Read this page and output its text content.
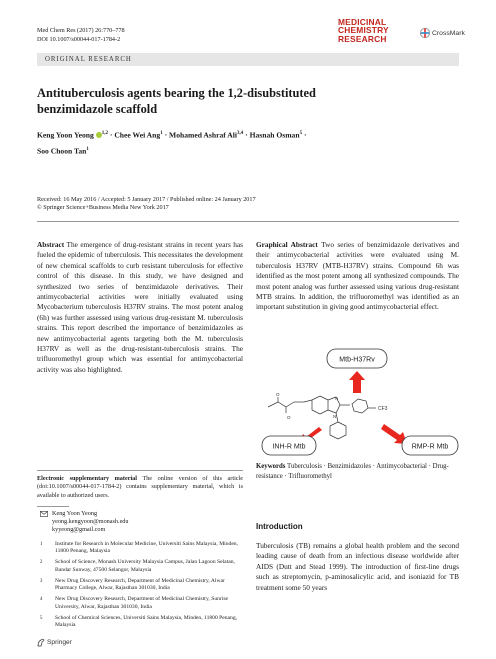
Med Chem Res (2017) 26:770–778
DOI 10.1007/s00044-017-1784-2
MEDICINAL
CHEMISTRY
RESEARCH
CrossMark
ORIGINAL RESEARCH
Antituberculosis agents bearing the 1,2-disubstituted benzimidazole scaffold
Keng Yoon Yeong $^{1,2}$ · Chee Wei Ang$^1$ · Mohamed Ashraf Ali$^{3,4}$ · Hasnah Osman$^5$ ·
Soo Choon Tan$^1$
Received: 16 May 2016 / Accepted: 5 January 2017 / Published online: 24 January 2017
© Springer Science+Business Media New York 2017
Abstract The emergence of drug-resistant strains in recent years has fueled the epidemic of tuberculosis. This necessitates the development of new chemical scaffolds to curb resistant tuberculosis for effective control of this disease. In this study, we have designed and synthesized two series of benzimidazole derivatives. Their antimycobacterial activities were initially evaluated using Mycobacterium tuberculosis H37RV strains. The most potent analog (6h) was further assessed using various drug-resistant M. tuberculosis strains. This report described the importance of benzimidazoles as new antimycobacterial agents targeting both the M. tuberculosis H37RV as well as the drug-resistant-tuberculosis strains. The trifluoromethyl group which was essential for antimycobacterial activity was also highlighted.
Graphical Abstract Two series of benzimidazole derivatives and their antimycobacterial activities were evaluated using M. tuberculosis H37RV (MTB-H37RV) strains. Compound 6h was identified as the most potent among all synthesized compounds. The most potent analog was further assessed using various drug-resistant MTB strains. In addition, the trifluoromethyl was identified as an important substitution in giving good antimycobacterial effect.
Mtb-H37Rv
O
O
N
N
CF3
INH-R Mtb	RMP-R Mtb
Keywords Tuberculosis · Benzimidazoles · Antimycobacterial · Drug-resistance · Trifluoromethyl
Introduction
Tuberculosis (TB) remains a global health problem and the second leading cause of death from an infectious disease worldwide after AIDS (Dutt and Stead 1999). The introduction of first-line drugs such as streptomycin, p-aminosalicylic acid, and isoniazid for TB treatment some 50 years
Electronic supplementary material The online version of this article (doi:10.1007/s00044-017-1784-2) contains supplementary material, which is available to authorized users.
Keng Yoon Yeong
yeong.kengyoon@monash.edu
kyyeong@gmail.com
1	Institute for Research in Molecular Medicine, Universiti Sains Malaysia, Minden, 11800 Penang, Malaysia
2	School of Science, Monash University Malaysia Campus, Jalan Lagoon Selatan, Bandar Sunway, 47500 Selangor, Malaysia
3	New Drug Discovery Research, Department of Medicinal Chemistry, Alwar Pharmacy College, Alwar, Rajasthan 301030, India
4	New Drug Discovery Research, Department of Medicinal Chemistry, Sunrise University, Alwar, Rajasthan 301030, India
5	School of Chemical Sciences, Universiti Sains Malaysia, Minden, 11800 Penang, Malaysia
Springer
